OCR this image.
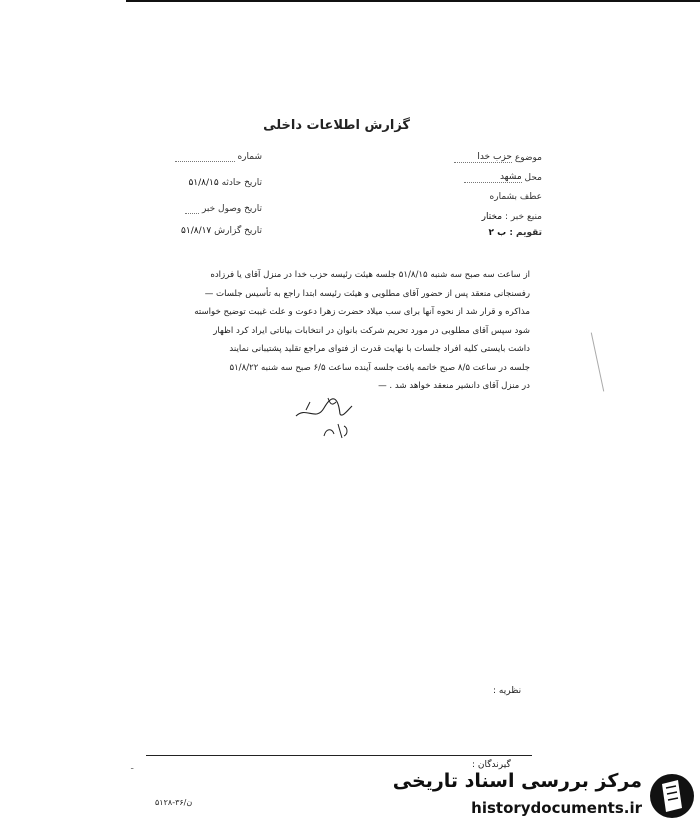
گزارش اطلاعات داخلی
موضوع حزب خدا
محل مشهد
عطف بشماره
منبع خبر : مختار
تقویم : ب ۲
شماره
تاریخ حادثه ۵۱/۸/۱۵
تاریخ وصول خبر
تاریخ گزارش ۵۱/۸/۱۷

از ساعت سه صبح سه شنبه ۵۱/۸/۱۵ جلسه هیئت رئیسه حزب خدا در منزل آقای یا فرزاده

رفسنجانی منعقد پس از حضور آقای مطلوبی و هیئت رئیسه ابتدا راجع به تأسیس جلسات —

مذاکره و قرار شد از نحوه آنها برای سب میلاد حضرت زهرا دعوت و علت غیبت توضیح خواسته

شود سپس آقای مطلوبی در مورد تحریم شرکت بانوان در انتخابات بیاناتی ایراد کرد اظهار

داشت بایستی کلیه افراد جلسات با نهایت قدرت از فتوای مراجع تقلید پشتیبانی نمایند

جلسه در ساعت ۸/۵ صبح خاتمه یافت جلسه آینده ساعت ۶/۵ صبح سه شنبه ۵۱/۸/۲۲

در منزل آقای دانشیر منعقد خواهد شد . —

نظریه :
گیرندگان :
ـ
۵۱۲۸-۳۶/ن
مرکز بررسی اسناد تاریخی
historydocuments.ir
